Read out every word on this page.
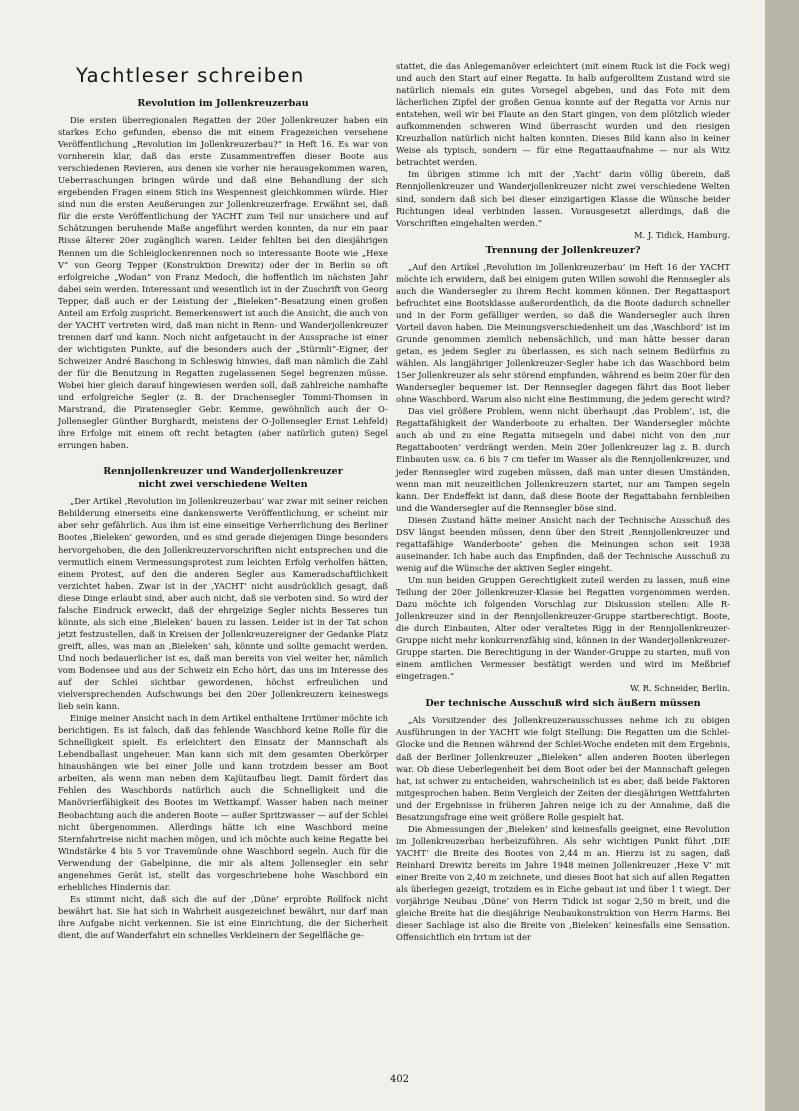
Yachtleser schreiben
Revolution im Jollenkreuzerbau

Die ersten überregionalen Regatten der 20er Jollenkreuzer haben ein starkes Echo gefunden, ebenso die mit einem Fragezeichen versehene Veröffentlichung „Revolution im Jollenkreuzerbau?“ in Heft 16. Es war von vornherein klar, daß das erste Zusammentreffen dieser Boote aus verschiedenen Revieren, aus denen sie vorher nie herausgekommen waren, Ueberraschungen bringen würde und daß eine Behandlung der sich ergebenden Fragen einem Stich ins Wespennest gleichkommen würde. Hier sind nun die ersten Aeußerungen zur Jollenkreuzerfrage. Erwähnt sei, daß für die erste Veröffentlichung der YACHT zum Teil nur unsichere und auf Schätzungen beruhende Maße angeführt werden konnten, da nur ein paar Risse älterer 20er zugänglich waren. Leider fehlten bei den diesjährigen Rennen um die Schleiglockenrennen noch so interessante Boote wie „Hexe V“ von Georg Tepper (Konstruktion Drewitz) oder der in Berlin so oft erfolgreiche „Wodan“ von Franz Medoch, die hoffentlich im nächsten Jahr dabei sein werden. Interessant und wesentlich ist in der Zuschrift von Georg Tepper, daß auch er der Leistung der „Bieleken“-Besatzung einen großen Anteil am Erfolg zuspricht. Bemerkenswert ist auch die Ansicht, die auch von der YACHT vertreten wird, daß man nicht in Renn- und Wanderjollenkreuzer trennen darf und kann. Noch nicht aufgetaucht in der Aussprache ist einer der wichtigsten Punkte, auf die besonders auch der „Stürmli“-Eigner, der Schweizer André Baschong in Schleswig hinwies, daß man nämlich die Zahl der für die Benutzung in Regatten zugelassenen Segel begrenzen müsse. Wobei hier gleich darauf hingewiesen werden soll, daß zahlreiche namhafte und erfolgreiche Segler (z. B. der Drachensegler Tommi-Thomsen in Marstrand, die Piratensegler Gebr. Kemme, gewöhnlich auch der O-Jollensegler Günther Burghardt, meistens der O-Jollensegler Ernst Lehfeld) ihre Erfolge mit einem oft recht betagten (aber natürlich guten) Segel errungen haben.

Rennjollenkreuzer und Wanderjollenkreuzer
nicht zwei verschiedene Welten

„Der Artikel ‚Revolution im Jollenkreuzerbau‘ war zwar mit seiner reichen Bebilderung einerseits eine dankenswerte Veröffentlichung, er scheint mir aber sehr gefährlich. Aus ihm ist eine einseitige Verherrlichung des Berliner Bootes ‚Bieleken‘ geworden, und es sind gerade diejenigen Dinge besonders hervorgehoben, die den Jollenkreuzervorschriften nicht entsprechen und die vermutlich einem Vermessungsprotest zum leichten Erfolg verholfen hätten, einem Protest, auf den die anderen Segler aus Kameradschaftlichkeit verzichtet haben. Zwar ist in der ‚YACHT‘ nicht ausdrücklich gesagt, daß diese Dinge erlaubt sind, aber auch nicht, daß sie verboten sind. So wird der falsche Eindruck erweckt, daß der ehrgeizige Segler nichts Besseres tun könnte, als sich eine ‚Bieleken‘ bauen zu lassen. Leider ist in der Tat schon jetzt festzustellen, daß in Kreisen der Jollenkreuzereigner der Gedanke Platz greift, alles, was man an ‚Bieleken‘ sah, könnte und sollte gemacht werden. Und noch bedauerlicher ist es, daß man bereits von viel weiter her, nämlich vom Bodensee und aus der Schweiz ein Echo hört, das uns im Interesse des auf der Schlei sichtbar gewordenen, höchst erfreulichen und vielversprechenden Aufschwungs bei den 20er Jollenkreuzern keineswegs lieb sein kann.

Einige meiner Ansicht nach in dem Artikel enthaltene Irrtümer möchte ich berichtigen. Es ist falsch, daß das fehlende Waschbord keine Rolle für die Schnelligkeit spielt. Es erleichtert den Einsatz der Mannschaft als Lebendballast ungeheuer. Man kann sich mit dem gesamten Oberkörper hinaushängen wie bei einer Jolle und kann trotzdem besser am Boot arbeiten, als wenn man neben dem Kajütaufbau liegt. Damit fördert das Fehlen des Waschbords natürlich auch die Schnelligkeit und die Manövrierfähigkeit des Bootes im Wettkampf. Wasser haben nach meiner Beobachtung auch die anderen Boote — außer Spritzwasser — auf der Schlei nicht übergenommen. Allerdings hätte ich eine Waschbord meine Sternfahrtreise nicht machen mögen, und ich möchte auch keine Regatte bei Windstärke 4 bis 5 vor Travemünde ohne Waschbord segeln. Auch für die Verwendung der Gabelpinne, die mir als altem Jollensegler ein sehr angenehmes Gerät ist, stellt das vorgeschriebene hohe Waschbord ein erhebliches Hindernis dar.

Es stimmt nicht, daß sich die auf der ‚Düne‘ erprobte Rollfock nicht bewährt hat. Sie hat sich in Wahrheit ausgezeichnet bewährt, nur darf man ihre Aufgabe nicht verkennen. Sie ist eine Einrichtung, die der Sicherheit dient, die auf Wanderfahrt ein schnelles Verkleinern der Segelfläche ge-

stattet, die das Anlegemanöver erleichtert (mit einem Ruck ist die Fock weg) und auch den Start auf einer Regatta. In halb aufgerolltem Zustand wird sie natürlich niemals ein gutes Vorsegel abgeben, und das Foto mit dem lächerlichen Zipfel der großen Genua konnte auf der Regatta vor Arnis nur entstehen, weil wir bei Flaute an den Start gingen, von dem plötzlich wieder aufkommenden schweren Wind überrascht wurden und den riesigen Kreuzballon natürlich nicht halten konnten. Dieses Bild kann also in keiner Weise als typisch, sondern — für eine Regattaaufnahme — nur als Witz betrachtet werden.

Im übrigen stimme ich mit der ‚Yacht‘ darin völlig überein, daß Rennjollenkreuzer und Wanderjollenkreuzer nicht zwei verschiedene Welten sind, sondern daß sich bei dieser einzigartigen Klasse die Wünsche beider Richtungen ideal verbinden lassen. Vorausgesetzt allerdings, daß die Vorschriften eingehalten werden.“

M. J. Tidick, Hamburg.
Trennung der Jollenkreuzer?

„Auf den Artikel ‚Revolution im Jollenkreuzerbau‘ im Heft 16 der YACHT möchte ich erwidern, daß bei einigem guten Willen sowohl die Rennsegler als auch die Wandersegler zu ihrem Recht kommen können. Der Regattasport befruchtet eine Bootsklasse außerordentlich, da die Boote dadurch schneller und in der Form gefälliger werden, so daß die Wandersegler auch ihren Vorteil davon haben. Die Meinungsverschiedenheit um das ‚Waschbord‘ ist im Grunde genommen ziemlich nebensächlich, und man hätte besser daran getan, es jedem Segler zu überlassen, es sich nach seinem Bedürfnis zu wählen. Als langjähriger Jollenkreuzer-Segler habe ich das Waschbord beim 15er Jollenkreuzer als sehr störend empfunden, während es beim 20er für den Wandersegler bequemer ist. Der Rennsegler dagegen fährt das Boot lieber ohne Waschbord. Warum also nicht eine Bestimmung, die jedem gerecht wird?

Das viel größere Problem, wenn nicht überhaupt ‚das Problem‘, ist, die Regattafähigkeit der Wanderboote zu erhalten. Der Wandersegler möchte auch ab und zu eine Regatta mitsegeln und dabei nicht von den ‚nur Regattabooten‘ verdrängt werden. Mein 20er Jollenkreuzer lag z. B. durch Einbauten usw. ca. 6 bis 7 cm tiefer im Wasser als die Rennjollenkreuzer, und jeder Rennsegler wird zugeben müssen, daß man unter diesen Umständen, wenn man mit neuzeitlichen Jollenkreuzern startet, nur am Tampen segeln kann. Der Endeffekt ist dann, daß diese Boote der Regattabahn fernbleiben und die Wandersegler auf die Rennsegler böse sind.

Diesen Zustand hätte meiner Ansicht nach der Technische Ausschuß des DSV längst beenden müssen, denn über den Streit ‚Rennjollenkreuzer und regattafähige Wanderboote‘ gehen die Meinungen schon seit 1938 auseinander. Ich habe auch das Empfinden, daß der Technische Ausschuß zu wenig auf die Wünsche der aktiven Segler eingeht.

Um nun beiden Gruppen Gerechtigkeit zuteil werden zu lassen, muß eine Teilung der 20er Jollenkreuzer-Klasse bei Regatten vorgenommen werden. Dazu möchte ich folgenden Vorschlag zur Diskussion stellen: Alle R-Jollenkreuzer sind in der Rennjollenkreuzer-Gruppe startberechtigt. Boote, die durch Einbauten, Alter oder veraltetes Rigg in der Rennjollenkreuzer-Gruppe nicht mehr konkurrenzfähig sind, können in der Wanderjollenkreuzer-Gruppe starten. Die Berechtigung in der Wander-Gruppe zu starten, muß von einem amtlichen Vermesser bestätigt werden und wird im Meßbrief eingetragen.“

W. R. Schneider, Berlin.
Der technische Ausschuß wird sich äußern müssen

„Als Vorsitzender des Jollenkreuzerausschusses nehme ich zu obigen Ausführungen in der YACHT wie folgt Stellung: Die Regatten um die Schlei-Glocke und die Rennen während der Schlei-Woche endeten mit dem Ergebnis, daß der Berliner Jollenkreuzer „Bieleken“ allen anderen Booten überlegen war. Ob diese Ueberlegenheit bei dem Boot oder bei der Mannschaft gelegen hat, ist schwer zu entscheiden, wahrscheinlich ist es aber, daß beide Faktoren mitgesprochen haben. Beim Vergleich der Zeiten der diesjährigen Wettfahrten und der Ergebnisse in früheren Jahren neige ich zu der Annahme, daß die Besatzungsfrage eine weit größere Rolle gespielt hat.

Die Abmessungen der ‚Bieleken‘ sind keinesfalls geeignet, eine Revolution im Jollenkreuzerbau herbeizuführen. Als sehr wichtigen Punkt führt ‚DIE YACHT‘ die Breite des Bootes von 2,44 m an. Hierzu ist zu sagen, daß Reinhard Drewitz bereits im Jahre 1948 meinen Jollenkreuzer ‚Hexe V‘ mit einer Breite von 2,40 m zeichnete, und dieses Boot hat sich auf allen Regatten als überlegen gezeigt, trotzdem es in Eiche gebaut ist und über 1 t wiegt. Der vorjährige Neubau ‚Düne‘ von Herrn Tidick ist sogar 2,50 m breit, und die gleiche Breite hat die diesjährige Neubaukonstruktion von Herrn Harms. Bei dieser Sachlage ist also die Breite von ‚Bieleken‘ keinesfalls eine Sensation. Offensichtlich ein Irrtum ist der

402
